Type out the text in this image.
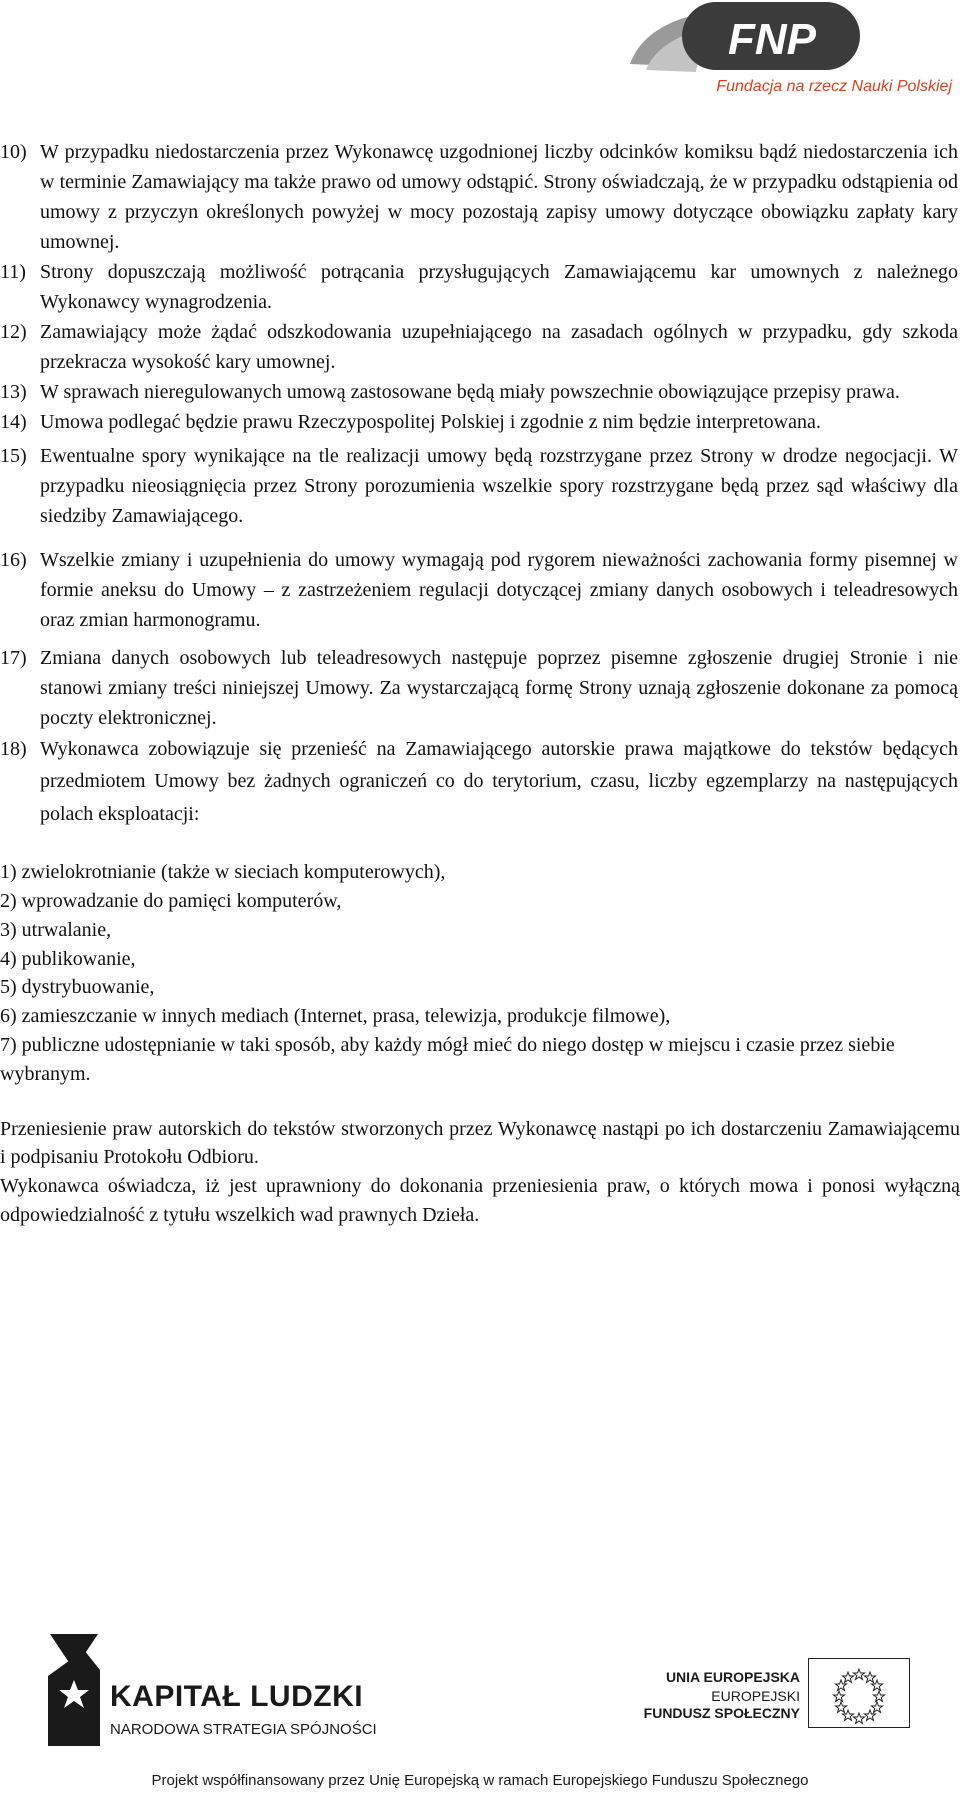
FNP
Fundacja na rzecz Nauki Polskiej
10) W przypadku niedostarczenia przez Wykonawcę uzgodnionej liczby odcinków komiksu bądź niedostarczenia ich w terminie Zamawiający ma także prawo od umowy odstąpić. Strony oświadczają, że w przypadku odstąpienia od umowy z przyczyn określonych powyżej w mocy pozostają zapisy umowy dotyczące obowiązku zapłaty kary umownej.
11) Strony dopuszczają możliwość potrącania przysługujących Zamawiającemu kar umownych z należnego Wykonawcy wynagrodzenia.
12) Zamawiający może żądać odszkodowania uzupełniającego na zasadach ogólnych w przypadku, gdy szkoda przekracza wysokość kary umownej.
13) W sprawach nieregulowanych umową zastosowane będą miały powszechnie obowiązujące przepisy prawa.
14) Umowa podlegać będzie prawu Rzeczypospolitej Polskiej i zgodnie z nim będzie interpretowana.
15) Ewentualne spory wynikające na tle realizacji umowy będą rozstrzygane przez Strony w drodze negocjacji. W przypadku nieosiągnięcia przez Strony porozumienia wszelkie spory rozstrzygane będą przez sąd właściwy dla siedziby Zamawiającego.
16) Wszelkie zmiany i uzupełnienia do umowy wymagają pod rygorem nieważności zachowania formy pisemnej w formie aneksu do Umowy – z zastrzeżeniem regulacji dotyczącej zmiany danych osobowych i teleadresowych oraz zmian harmonogramu.
17) Zmiana danych osobowych lub teleadresowych następuje poprzez pisemne zgłoszenie drugiej Stronie i nie stanowi zmiany treści niniejszej Umowy. Za wystarczającą formę Strony uznają zgłoszenie dokonane za pomocą poczty elektronicznej.
18) Wykonawca zobowiązuje się przenieść na Zamawiającego autorskie prawa majątkowe do tekstów będących przedmiotem Umowy bez żadnych ograniczeń co do terytorium, czasu, liczby egzemplarzy na następujących polach eksploatacji:

1) zwielokrotnianie (także w sieciach komputerowych),

2) wprowadzanie do pamięci komputerów,

3) utrwalanie,

4) publikowanie,

5) dystrybuowanie,

6) zamieszczanie w innych mediach (Internet, prasa, telewizja, produkcje filmowe),

7) publiczne udostępnianie w taki sposób, aby każdy mógł mieć do niego dostęp w miejscu i czasie przez siebie wybranym.

Przeniesienie praw autorskich do tekstów stworzonych przez Wykonawcę nastąpi po ich dostarczeniu Zamawiającemu i podpisaniu Protokołu Odbioru.

Wykonawca oświadcza, iż jest uprawniony do dokonania przeniesienia praw, o których mowa i ponosi wyłączną odpowiedzialność z tytułu wszelkich wad prawnych Dzieła.

KAPITAŁ LUDZKI
NARODOWA STRATEGIA SPÓJNOŚCI
UNIA EUROPEJSKA
EUROPEJSKI
FUNDUSZ SPOŁECZNY
Projekt współfinansowany przez Unię Europejską w ramach Europejskiego Funduszu Społecznego
